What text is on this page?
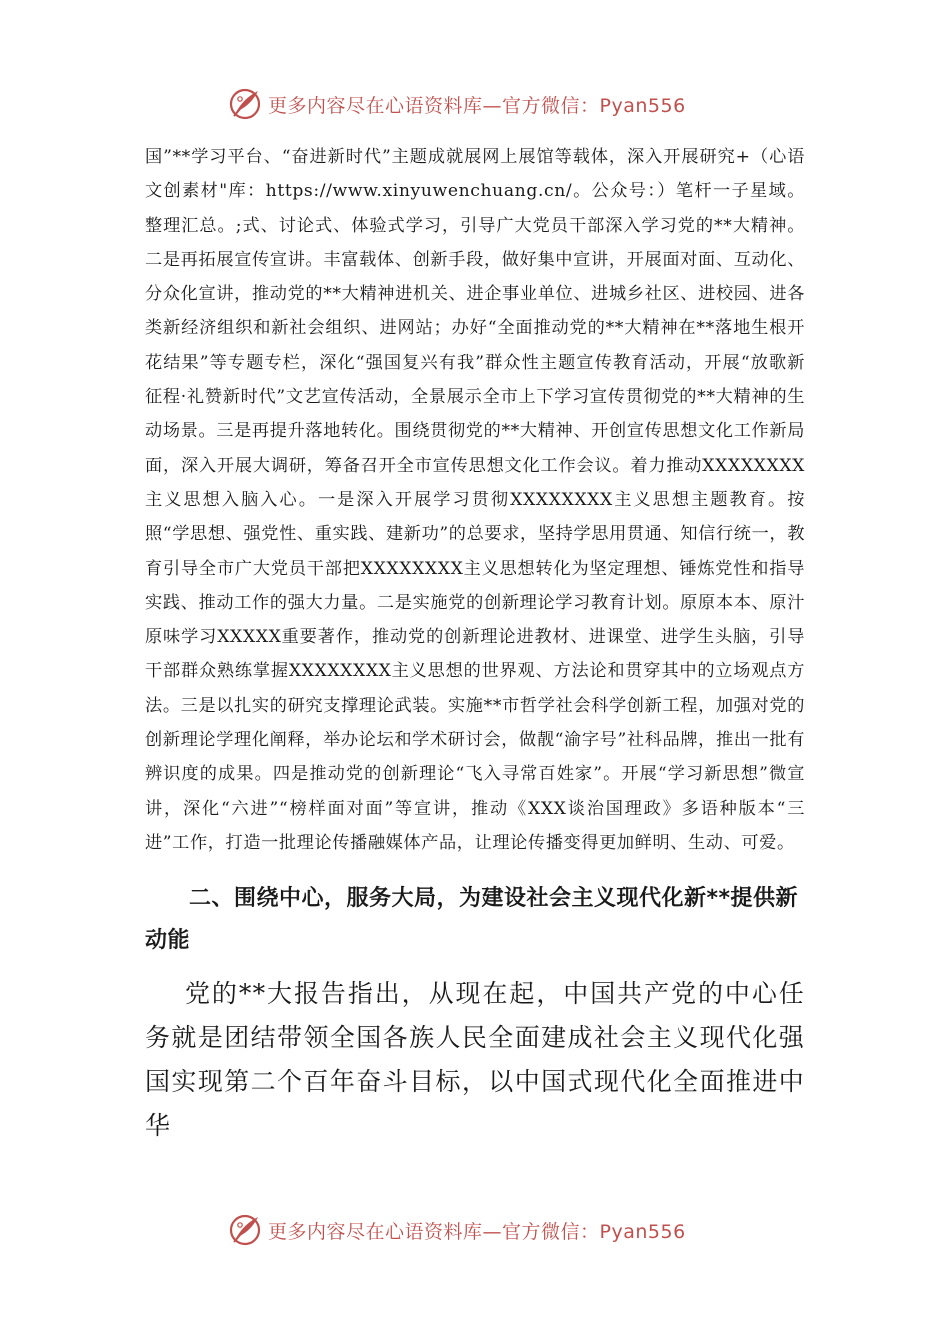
更多内容尽在心语资料库—官方微信：Pyan556

国”**学习平台、“奋进新时代”主题成就展网上展馆等载体，深入开展研究+（心语文创素材"库：https://www.xinyuwenchuang.cn/。公众号：）笔杆一子星域。整理汇总。;式、讨论式、体验式学习，引导广大党员干部深入学习党的**大精神。二是再拓展宣传宣讲。丰富载体、创新手段，做好集中宣讲，开展面对面、互动化、分众化宣讲，推动党的**大精神进机关、进企事业单位、进城乡社区、进校园、进各类新经济组织和新社会组织、进网站；办好“全面推动党的**大精神在**落地生根开花结果”等专题专栏，深化“强国复兴有我”群众性主题宣传教育活动，开展“放歌新征程·礼赞新时代”文艺宣传活动，全景展示全市上下学习宣传贯彻党的**大精神的生动场景。三是再提升落地转化。围绕贯彻党的**大精神、开创宣传思想文化工作新局面，深入开展大调研，筹备召开全市宣传思想文化工作会议。着力推动XXXXXXXX主义思想入脑入心。一是深入开展学习贯彻XXXXXXXX主义思想主题教育。按照“学思想、强党性、重实践、建新功”的总要求，坚持学思用贯通、知信行统一，教育引导全市广大党员干部把XXXXXXXX主义思想转化为坚定理想、锤炼党性和指导实践、推动工作的强大力量。二是实施党的创新理论学习教育计划。原原本本、原汁原味学习XXXXX重要著作，推动党的创新理论进教材、进课堂、进学生头脑，引导干部群众熟练掌握XXXXXXXX主义思想的世界观、方法论和贯穿其中的立场观点方法。三是以扎实的研究支撑理论武装。实施**市哲学社会科学创新工程，加强对党的创新理论学理化阐释，举办论坛和学术研讨会，做靓“渝字号”社科品牌，推出一批有辨识度的成果。四是推动党的创新理论“飞入寻常百姓家”。开展“学习新思想”微宣讲，深化“六进”“榜样面对面”等宣讲，推动《XXX谈治国理政》多语种版本“三进”工作，打造一批理论传播融媒体产品，让理论传播变得更加鲜明、生动、可爱。

二、围绕中心，服务大局，为建设社会主义现代化新**提供新动能

党的**大报告指出，从现在起，中国共产党的中心任务就是团结带领全国各族人民全面建成社会主义现代化强国实现第二个百年奋斗目标，以中国式现代化全面推进中华

更多内容尽在心语资料库—官方微信：Pyan556
